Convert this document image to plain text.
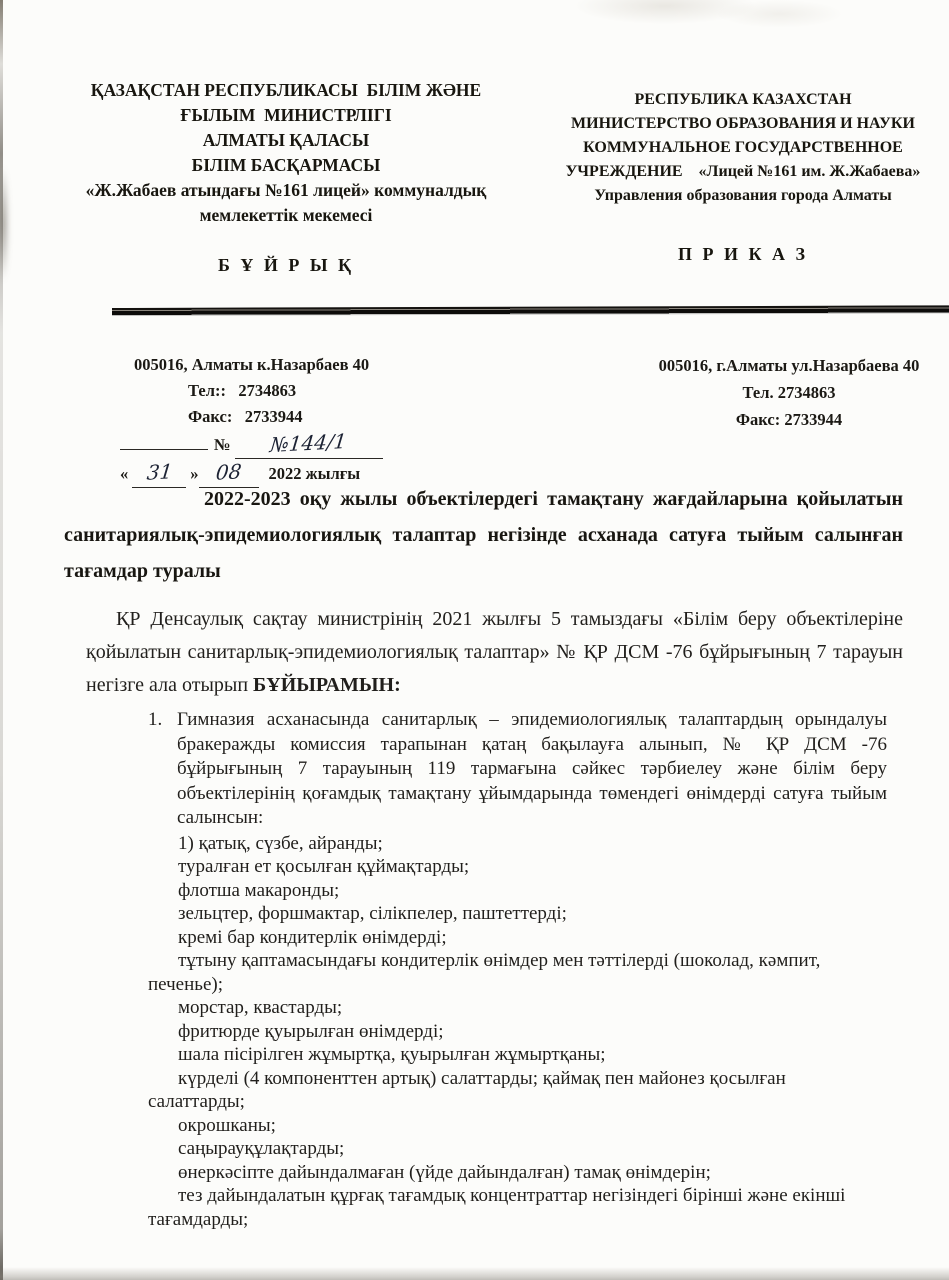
ҚАЗАҚСТАН РЕСПУБЛИКАСЫ  БІЛІМ ЖӘНЕ
ҒЫЛЫМ  МИНИСТРЛІГІ
АЛМАТЫ ҚАЛАСЫ
БІЛІМ БАСҚАРМАСЫ
«Ж.Жабаев атындағы №161 лицей» коммуналдық
мемлекеттік мекемесі
Б Ұ Й Р Ы Қ
РЕСПУБЛИКА КАЗАХСТАН
МИНИСТЕРСТВО ОБРАЗОВАНИЯ И НАУКИ
КОММУНАЛЬНОЕ ГОСУДАРСТВЕННОЕ
УЧРЕЖДЕНИЕ    «Лицей №161 им. Ж.Жабаева»
Управления образования города Алматы
П Р И К А З
005016, Алматы к.Назарбаев 40
Тел::   2734863
Факс:   2733944
№ №144/1
« 31 » 08 2022 жылғы
005016, г.Алматы ул.Назарбаева 40
Тел. 2734863
Факс: 2733944

2022-2023 оқу жылы объектілердегі тамақтану жағдайларына қойылатын санитариялық-эпидемиологиялық талаптар негізінде асханада сатуға тыйым салынған тағамдар туралы

ҚР Денсаулық сақтау министрінің 2021 жылғы 5 тамыздағы «Білім беру объектілеріне қойылатын санитарлық-эпидемиологиялық талаптар» № ҚР ДСМ -76 бұйрығының 7 тарауын негізге ала отырып БҰЙЫРАМЫН:

1. Гимназия асханасында санитарлық – эпидемиологиялық талаптардың орындалуы бракеражды комиссия тарапынан қатаң бақылауға алынып, № ҚР ДСМ -76 бұйрығының 7 тарауының 119 тармағына сәйкес тәрбиелеу және білім беру объектілерінің қоғамдық тамақтану ұйымдарында төмендегі өнімдерді сатуға тыйым салынсын:

1) қатық, сүзбе, айранды;
туралған ет қосылған құймақтарды;
флотша макаронды;
зельцтер, форшмактар, сілікпелер, паштеттерді;
кремі бар кондитерлік өнімдерді;
тұтыну қаптамасындағы кондитерлік өнімдер мен тәттілерді (шоколад, кәмпит,
печенье);
морстар, квастарды;
фритюрде қуырылған өнімдерді;
шала пісірілген жұмыртқа, қуырылған жұмыртқаны;
күрделі (4 компоненттен артық) салаттарды; қаймақ пен майонез қосылған
салаттарды;
окрошканы;
саңырауқұлақтарды;
өнеркәсіпте дайындалмаған (үйде дайындалған) тамақ өнімдерін;
тез дайындалатын құрғақ тағамдық концентраттар негізіндегі бірінші және екінші
тағамдарды;
